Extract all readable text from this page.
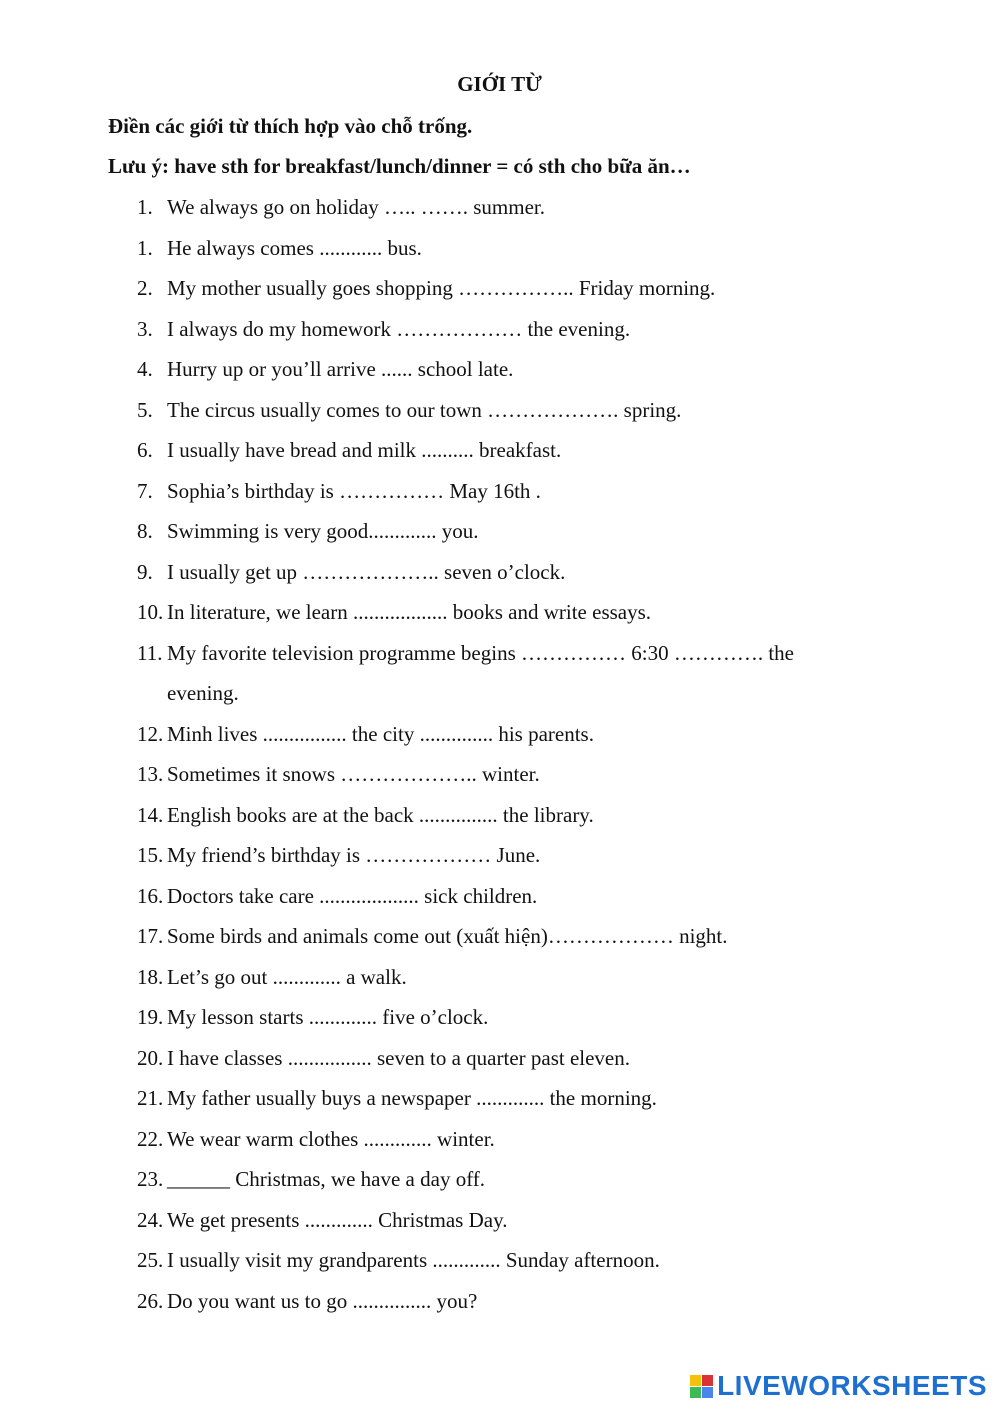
GIỚI TỪ
Điền các giới từ thích hợp vào chỗ trống.
Lưu ý: have sth for breakfast/lunch/dinner = có sth cho bữa ăn…
1. We always go on holiday ….. ……. summer.
1. He always comes ............ bus.
2. My mother usually goes shopping …………….. Friday morning.
3. I always do my homework ……………… the evening.
4. Hurry up or you’ll arrive ...... school late.
5. The circus usually comes to our town ………………. spring.
6. I usually have bread and milk .......... breakfast.
7. Sophia’s birthday is …………… May 16th .
8. Swimming is very good............. you.
9. I usually get up ……………….. seven o’clock.
10. In literature, we learn .................. books and write essays.
11. My favorite television programme begins …………… 6:30 …………. the
evening.
12. Minh lives ................ the city .............. his parents.
13. Sometimes it snows ……………….. winter.
14. English books are at the back ............... the library.
15. My friend’s birthday is ……………… June.
16. Doctors take care ................... sick children.
17. Some birds and animals come out (xuất hiện)……………… night.
18. Let’s go out ............. a walk.
19. My lesson starts ............. five o’clock.
20. I have classes ................ seven to a quarter past eleven.
21. My father usually buys a newspaper ............. the morning.
22. We wear warm clothes ............. winter.
23. ______ Christmas, we have a day off.
24. We get presents ............. Christmas Day.
25. I usually visit my grandparents ............. Sunday afternoon.
26. Do you want us to go ............... you?
LIVEWORKSHEETS
